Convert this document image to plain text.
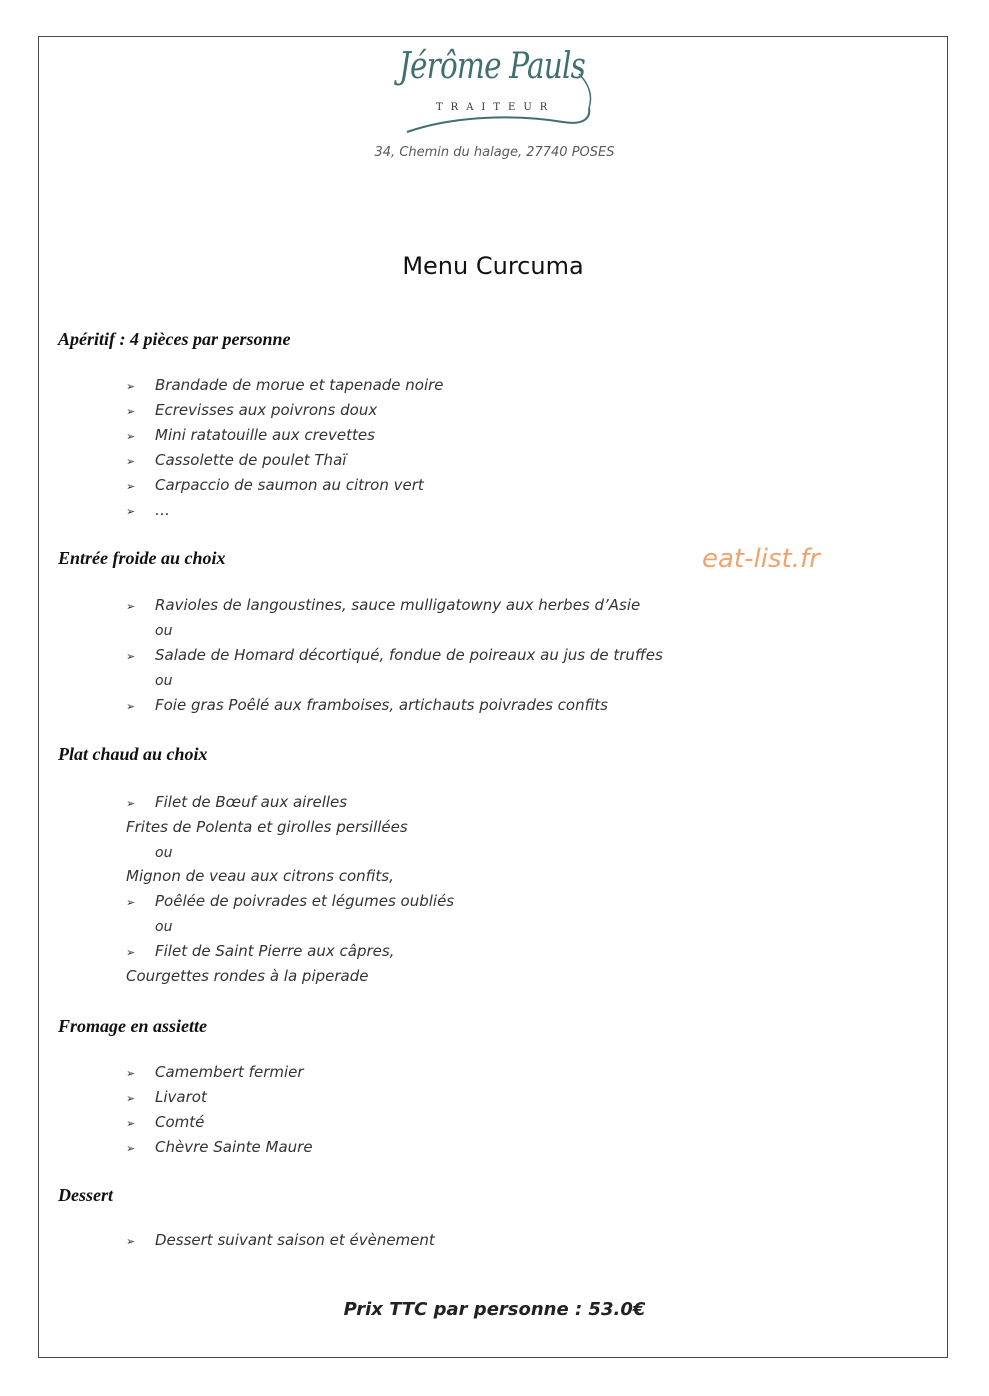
Jérôme Pauls
TRAITEUR
34, Chemin du halage, 27740 POSES
Menu Curcuma
Apéritif : 4 pièces par personne
➢ Brandade de morue et tapenade noire
➢ Ecrevisses aux poivrons doux
➢ Mini ratatouille aux crevettes
➢ Cassolette de poulet Thaï
➢ Carpaccio de saumon au citron vert
➢ …
Entrée froide au choix	eat-list.fr
➢ Ravioles de langoustines, sauce mulligatowny aux herbes d’Asie
ou
➢ Salade de Homard décortiqué, fondue de poireaux au jus de truffes
ou
➢ Foie gras Poêlé aux framboises, artichauts poivrades confits
Plat chaud au choix
➢ Filet de Bœuf aux airelles
Frites de Polenta et girolles persillées
ou
Mignon de veau aux citrons confits,
➢ Poêlée de poivrades et légumes oubliés
ou
➢ Filet de Saint Pierre aux câpres,
Courgettes rondes à la piperade
Fromage en assiette
➢ Camembert fermier
➢ Livarot
➢ Comté
➢ Chèvre Sainte Maure
Dessert
➢ Dessert suivant saison et évènement
Prix TTC par personne : 53.0€
